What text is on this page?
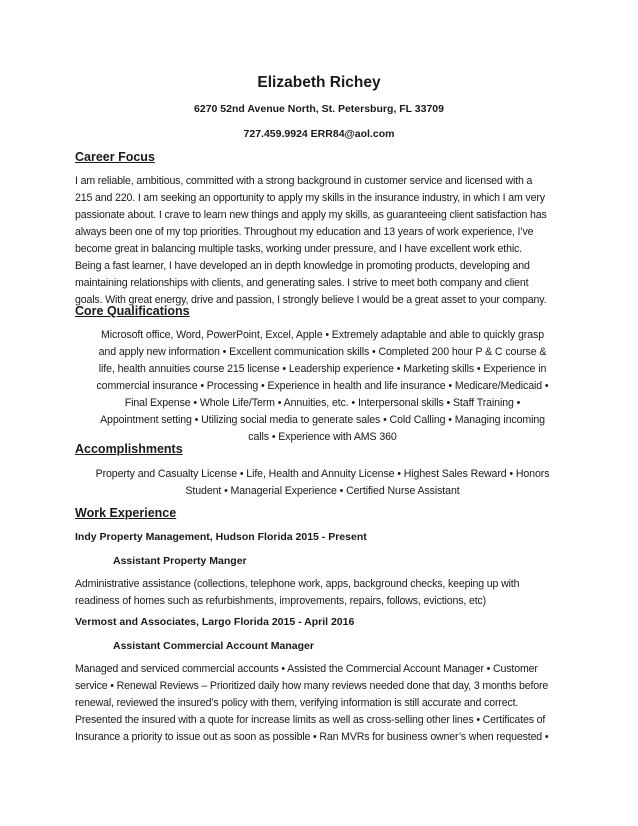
Elizabeth Richey
6270 52nd Avenue North, St. Petersburg, FL 33709
727.459.9924 ERR84@aol.com
Career Focus
I am reliable, ambitious, committed with a strong background in customer service and licensed with a
215 and 220. I am seeking an opportunity to apply my skills in the insurance industry, in which I am very
passionate about. I crave to learn new things and apply my skills, as guaranteeing client satisfaction has
always been one of my top priorities. Throughout my education and 13 years of work experience, I’ve
become great in balancing multiple tasks, working under pressure, and I have excellent work ethic.
Being a fast learner, I have developed an in depth knowledge in promoting products, developing and
maintaining relationships with clients, and generating sales. I strive to meet both company and client
goals. With great energy, drive and passion, I strongly believe I would be a great asset to your company.
Core Qualifications
Microsoft office, Word, PowerPoint, Excel, Apple • Extremely adaptable and able to quickly grasp
and apply new information • Excellent communication skills • Completed 200 hour P & C course &
life, health annuities course 215 license • Leadership experience • Marketing skills • Experience in
commercial insurance • Processing • Experience in health and life insurance • Medicare/Medicaid •
Final Expense • Whole Life/Term • Annuities, etc. • Interpersonal skills • Staff Training •
Appointment setting • Utilizing social media to generate sales • Cold Calling • Managing incoming
calls • Experience with AMS 360
Accomplishments
Property and Casualty License • Life, Health and Annuity License • Highest Sales Reward • Honors
Student • Managerial Experience • Certified Nurse Assistant
Work Experience
Indy Property Management, Hudson Florida 2015 - Present
Assistant Property Manger
Administrative assistance (collections, telephone work, apps, background checks, keeping up with
readiness of homes such as refurbishments, improvements, repairs, follows, evictions, etc)
Vermost and Associates, Largo Florida 2015 - April 2016
Assistant Commercial Account Manager
Managed and serviced commercial accounts • Assisted the Commercial Account Manager • Customer
service • Renewal Reviews – Prioritized daily how many reviews needed done that day, 3 months before
renewal, reviewed the insured’s policy with them, verifying information is still accurate and correct.
Presented the insured with a quote for increase limits as well as cross-selling other lines • Certificates of
Insurance a priority to issue out as soon as possible • Ran MVRs for business owner’s when requested •
